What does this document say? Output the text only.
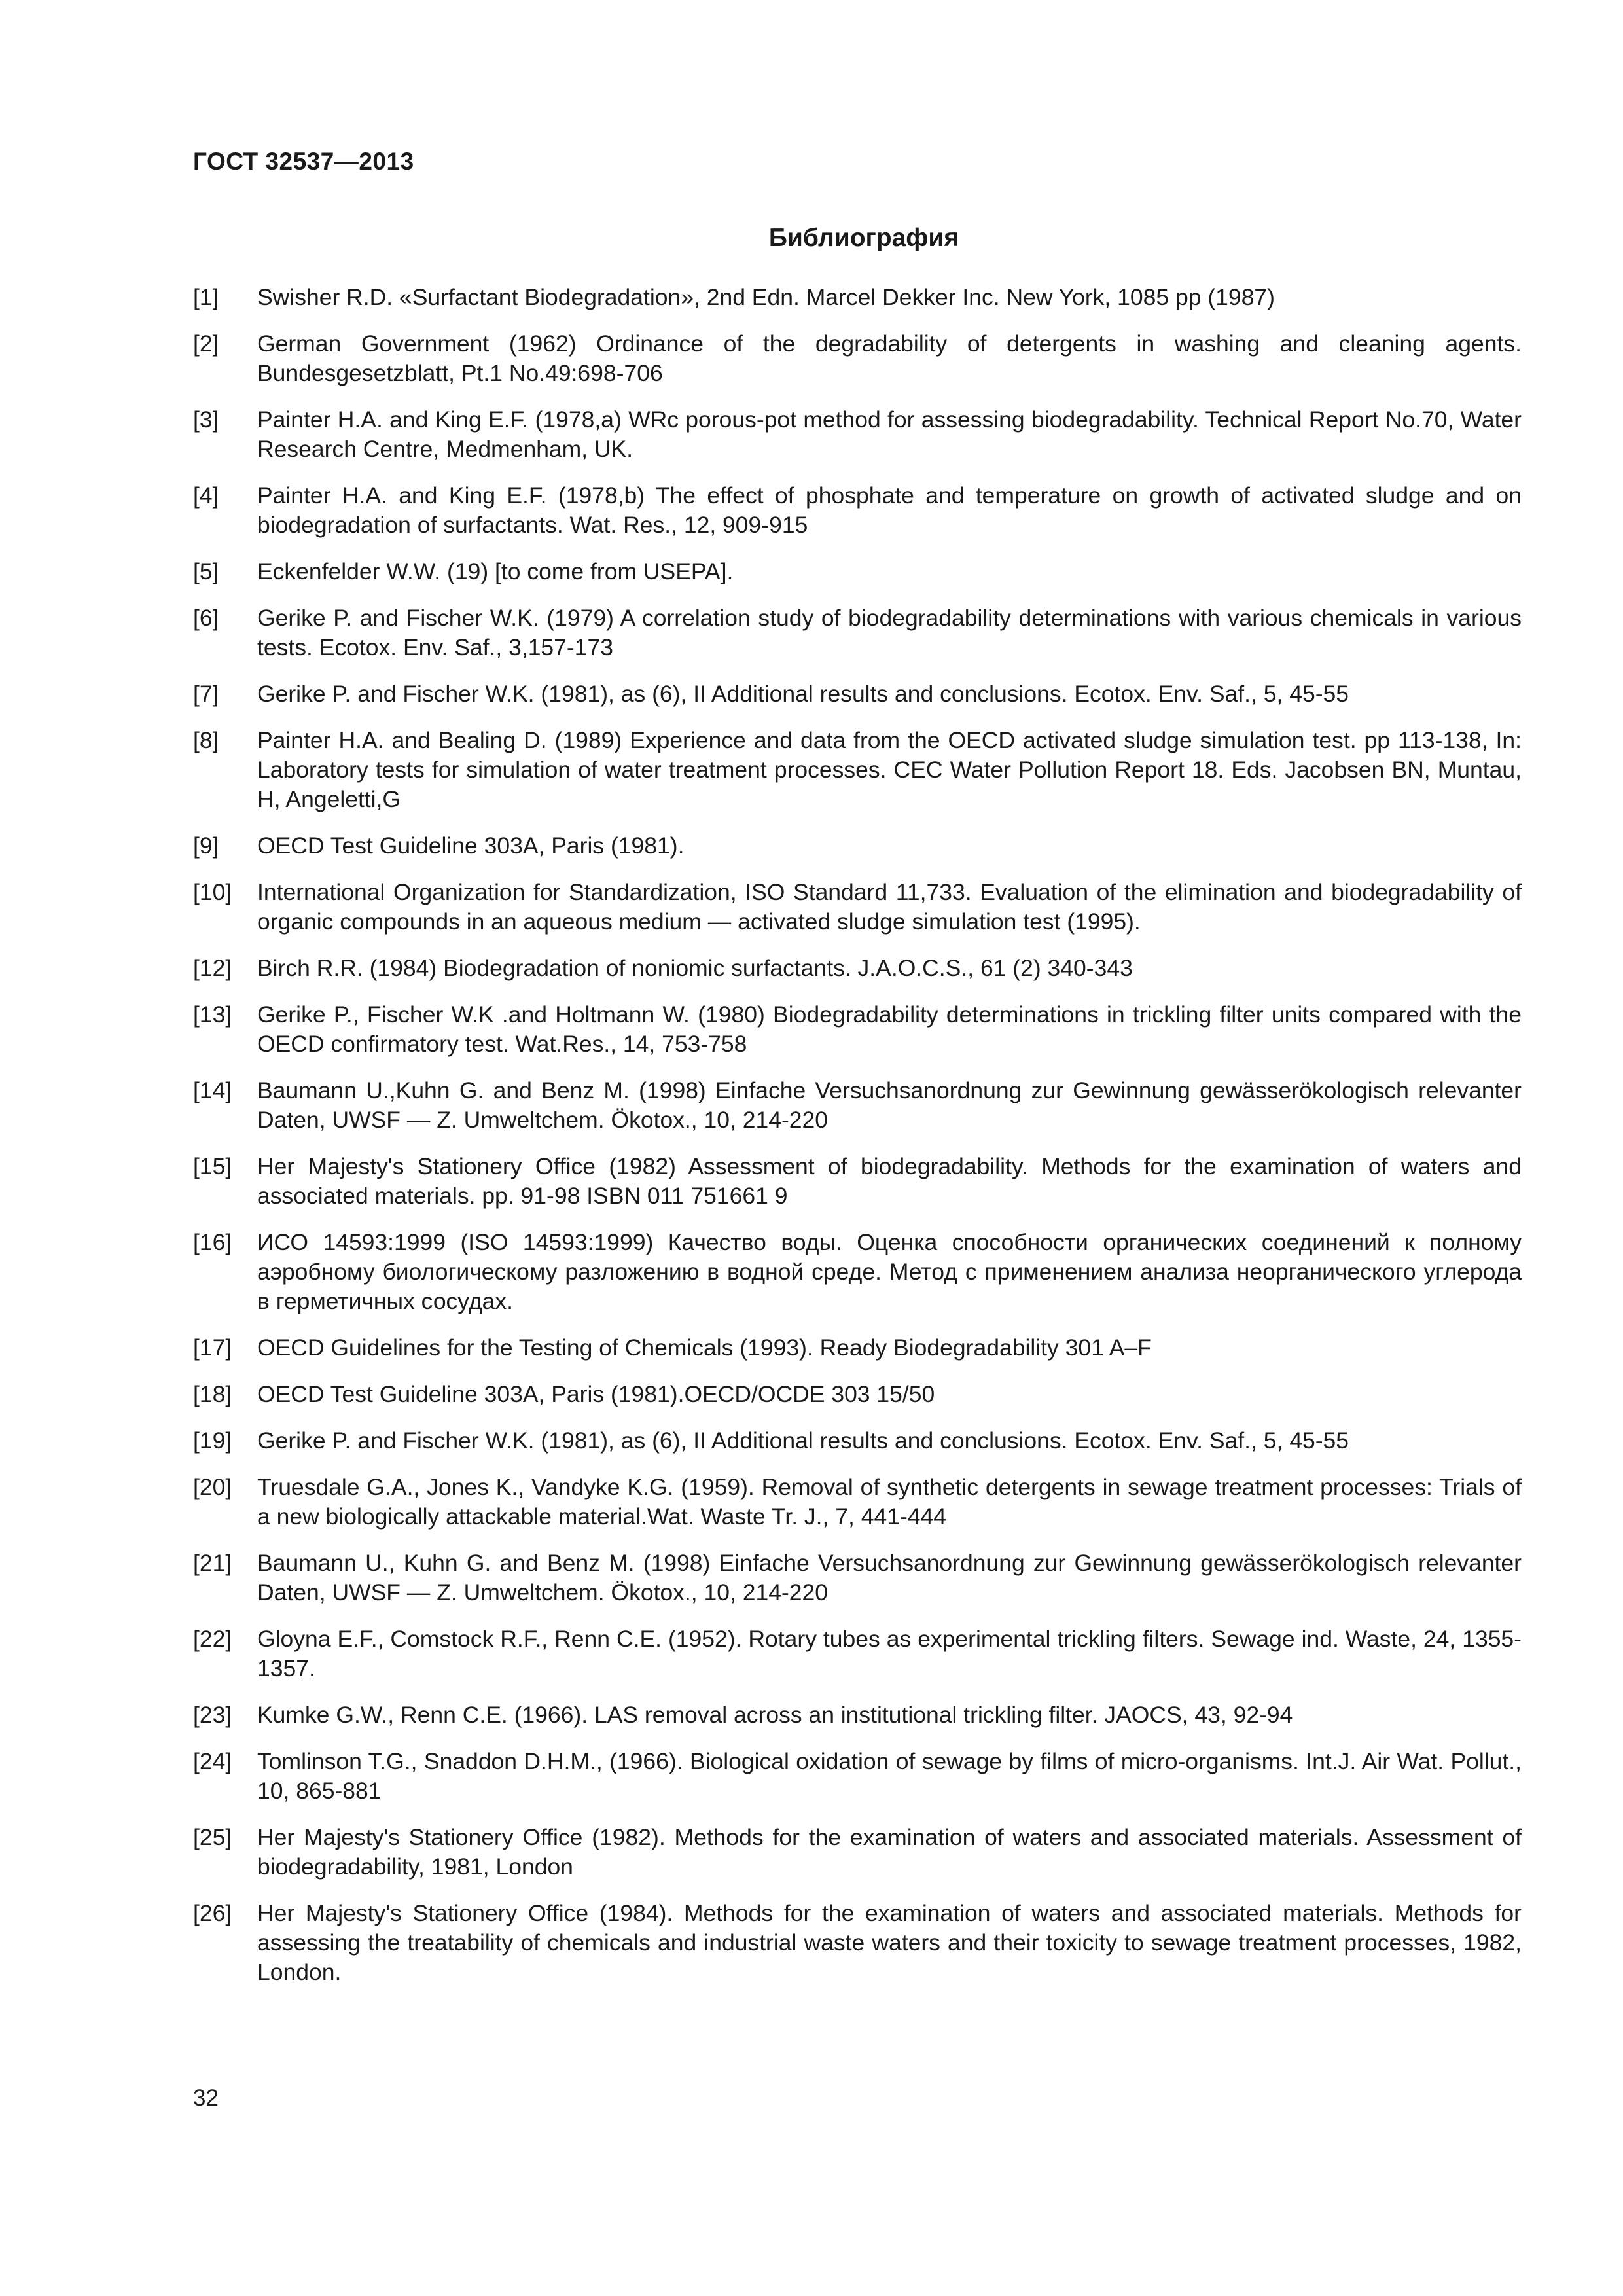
ГОСТ 32537—2013
Библиография
[1] Swisher R.D. «Surfactant Biodegradation», 2nd Edn. Marcel Dekker Inc. New York, 1085 pp (1987)
[2] German Government (1962) Ordinance of the degradability of detergents in washing and cleaning agents. Bundesgesetzblatt, Pt.1 No.49:698-706
[3] Painter H.A. and King E.F. (1978,a) WRc porous-pot method for assessing biodegradability. Technical Report No.70, Water Research Centre, Medmenham, UK.
[4] Painter H.A. and King E.F. (1978,b) The effect of phosphate and temperature on growth of activated sludge and on biodegradation of surfactants. Wat. Res., 12, 909-915
[5] Eckenfelder W.W. (19) [to come from USEPA].
[6] Gerike P. and Fischer W.K. (1979) A correlation study of biodegradability determinations with various chemicals in various tests. Ecotox. Env. Saf., 3,157-173
[7] Gerike P. and Fischer W.K. (1981), as (6), II Additional results and conclusions. Ecotox. Env. Saf., 5, 45-55
[8] Painter H.A. and Bealing D. (1989) Experience and data from the OECD activated sludge simulation test. pp 113-138, In: Laboratory tests for simulation of water treatment processes. CEC Water Pollution Report 18. Eds. Jacobsen BN, Muntau, H, Angeletti,G
[9] OECD Test Guideline 303A, Paris (1981).
[10] International Organization for Standardization, ISO Standard 11,733. Evaluation of the elimination and biodegradability of organic compounds in an aqueous medium — activated sludge simulation test (1995).
[12] Birch R.R. (1984) Biodegradation of noniomic surfactants. J.A.O.C.S., 61 (2) 340-343
[13] Gerike P., Fischer W.K .and Holtmann W. (1980) Biodegradability determinations in trickling filter units compared with the OECD confirmatory test. Wat.Res., 14, 753-758
[14] Baumann U.,Kuhn G. and Benz M. (1998) Einfache Versuchsanordnung zur Gewinnung gewässerökologisch relevanter Daten, UWSF — Z. Umweltchem. Ökotox., 10, 214-220
[15] Her Majesty's Stationery Office (1982) Assessment of biodegradability. Methods for the examination of waters and associated materials. pp. 91-98 ISBN 011 751661 9
[16] ИСО 14593:1999 (ISO 14593:1999) Качество воды. Оценка способности органических соединений к полному аэробному биологическому разложению в водной среде. Метод с применением анализа неорганического углерода в герметичных сосудах.
[17] OECD Guidelines for the Testing of Chemicals (1993). Ready Biodegradability 301 A–F
[18] OECD Test Guideline 303A, Paris (1981).OECD/OCDE 303 15/50
[19] Gerike P. and Fischer W.K. (1981), as (6), II Additional results and conclusions. Ecotox. Env. Saf., 5, 45-55
[20] Truesdale G.A., Jones K., Vandyke K.G. (1959). Removal of synthetic detergents in sewage treatment processes: Trials of a new biologically attackable material.Wat. Waste Tr. J., 7, 441-444
[21] Baumann U., Kuhn G. and Benz M. (1998) Einfache Versuchsanordnung zur Gewinnung gewässerökologisch relevanter Daten, UWSF — Z. Umweltchem. Ökotox., 10, 214-220
[22] Gloyna E.F., Comstock R.F., Renn C.E. (1952). Rotary tubes as experimental trickling filters. Sewage ind. Waste, 24, 1355-1357.
[23] Kumke G.W., Renn C.E. (1966). LAS removal across an institutional trickling filter. JAOCS, 43, 92-94
[24] Tomlinson T.G., Snaddon D.H.M., (1966). Biological oxidation of sewage by films of micro-organisms. Int.J. Air Wat. Pollut., 10, 865-881
[25] Her Majesty's Stationery Office (1982). Methods for the examination of waters and associated materials. Assessment of biodegradability, 1981, London
[26] Her Majesty's Stationery Office (1984). Methods for the examination of waters and associated materials. Methods for assessing the treatability of chemicals and industrial waste waters and their toxicity to sewage treatment processes, 1982, London.
32
